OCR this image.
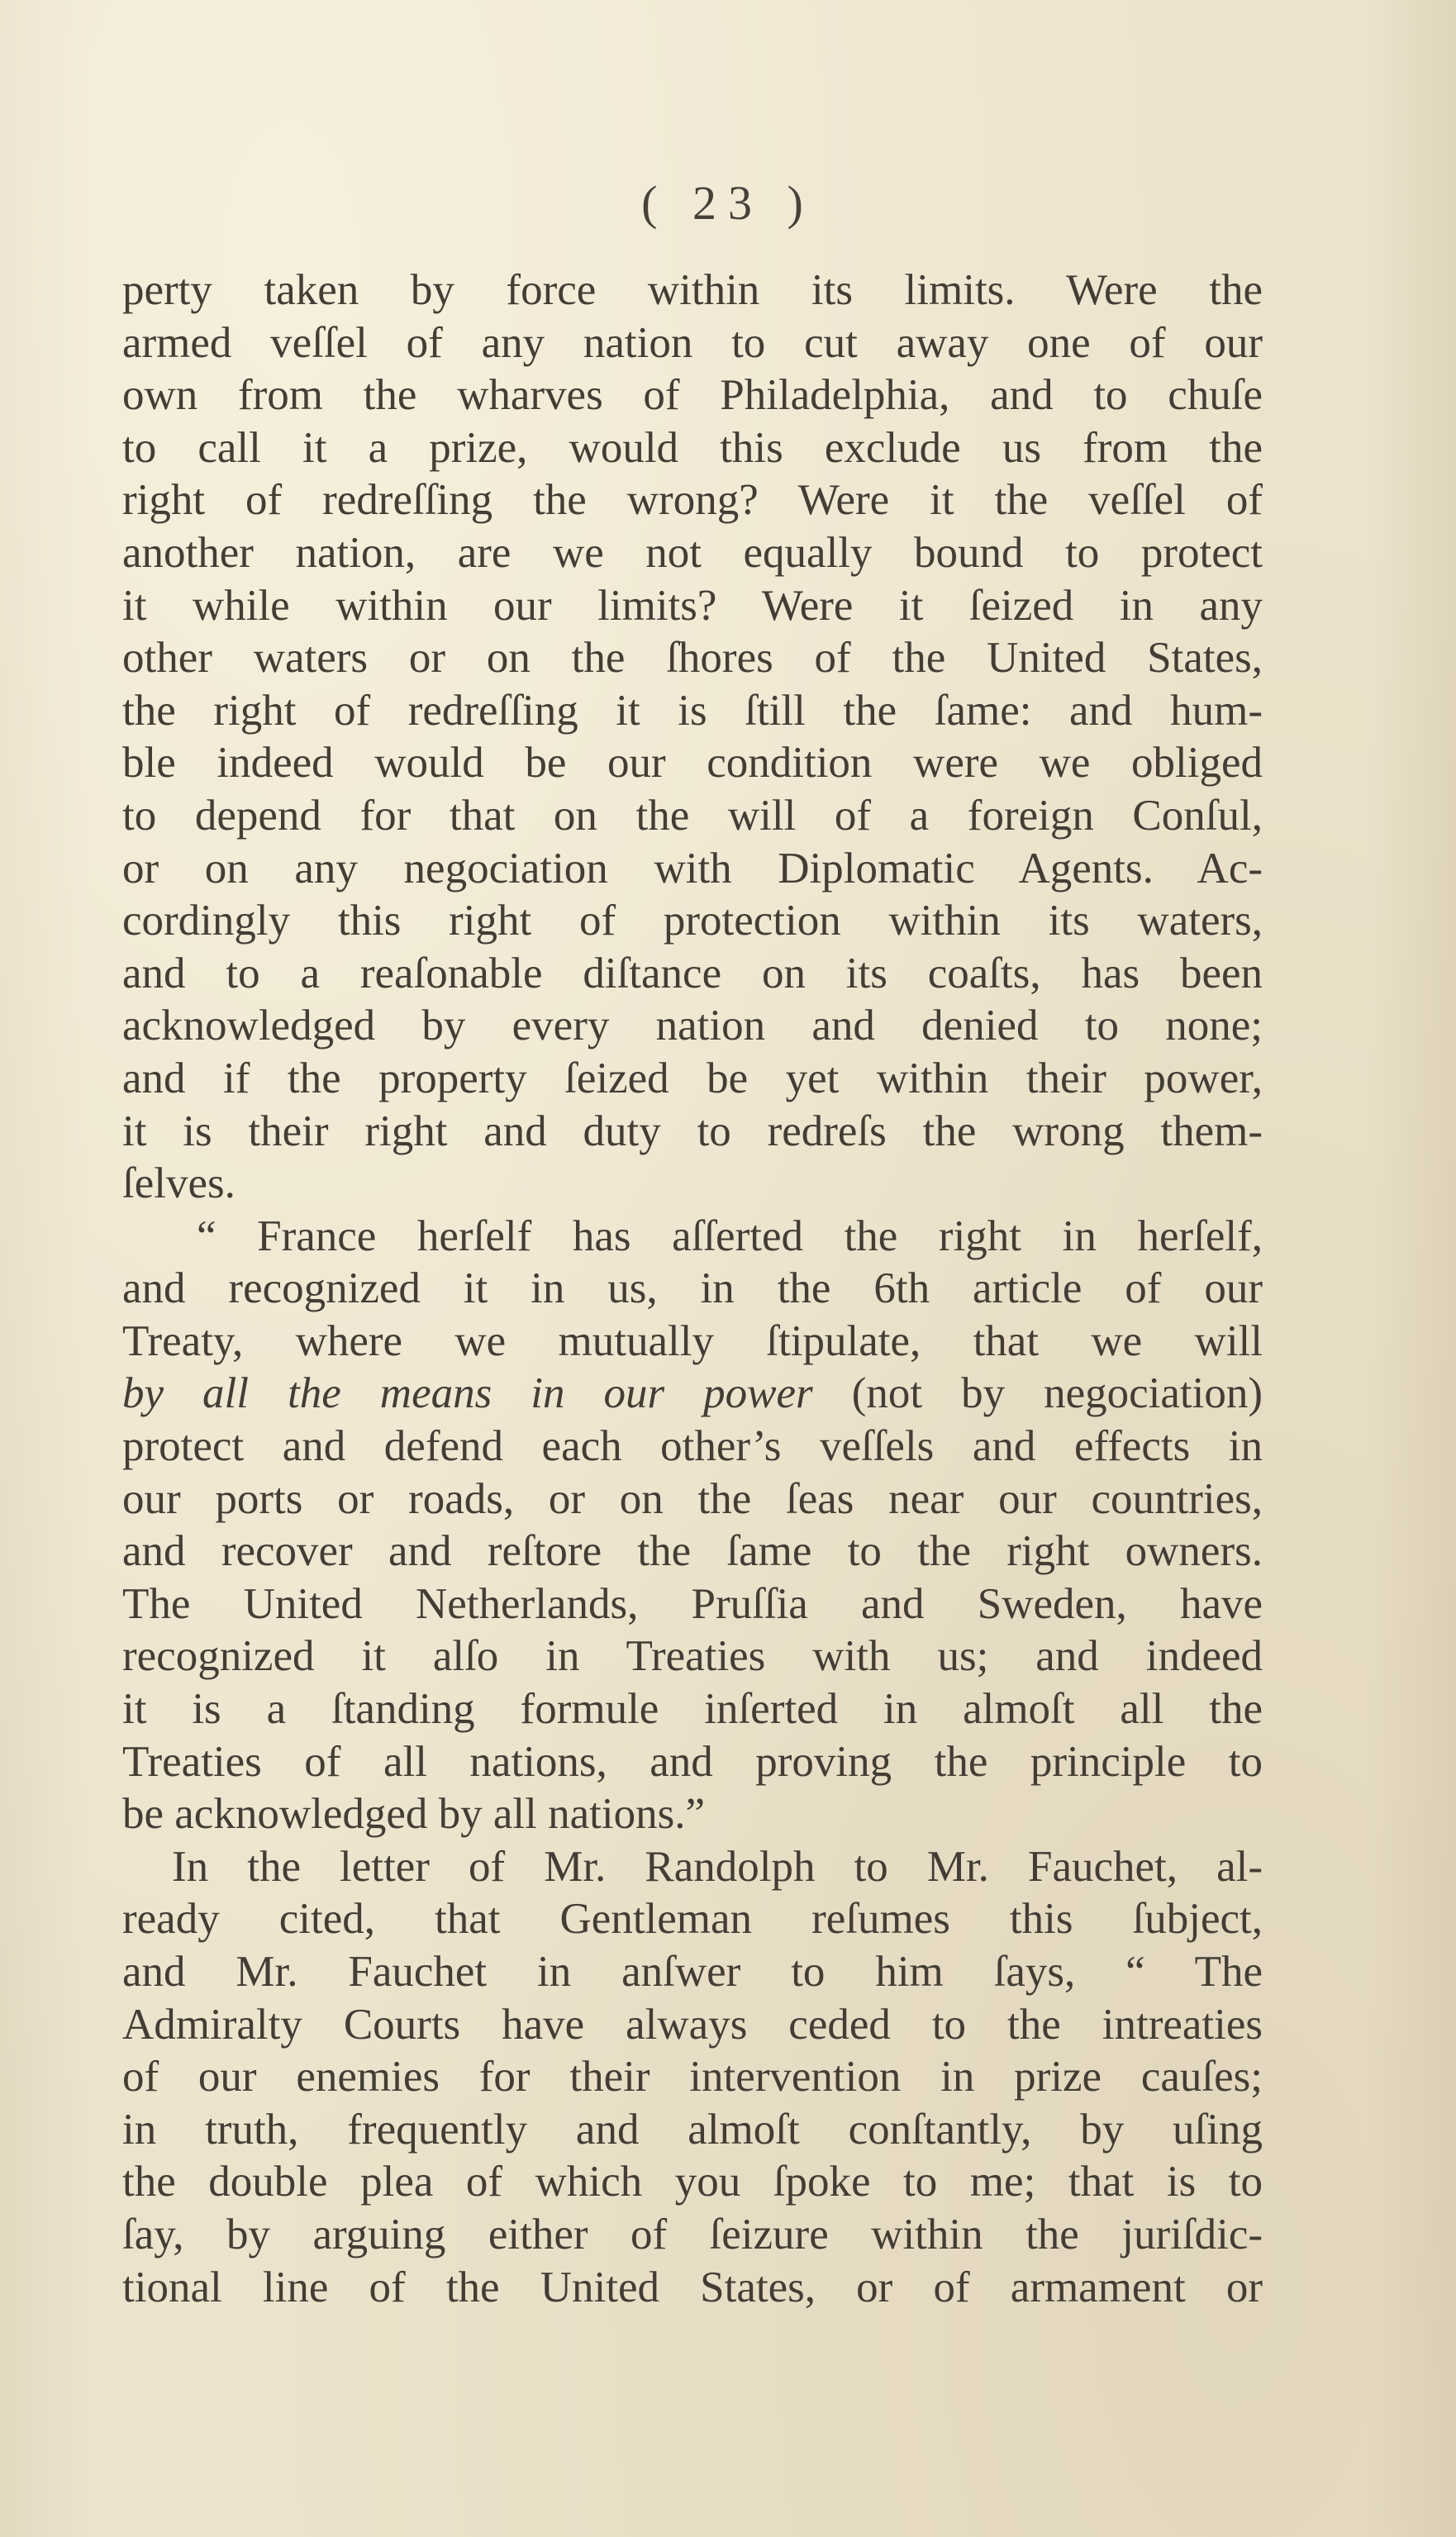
( 23 )
perty taken by force within its limits. Were the
armed veſſel of any nation to cut away one of our
own from the wharves of Philadelphia, and to chuſe
to call it a prize, would this exclude us from the
right of redreſſing the wrong? Were it the veſſel of
another nation, are we not equally bound to protect
it while within our limits? Were it ſeized in any
other waters or on the ſhores of the United States,
the right of redreſſing it is ſtill the ſame: and hum-
ble indeed would be our condition were we obliged
to depend for that on the will of a foreign Conſul,
or on any negociation with Diplomatic Agents. Ac-
cordingly this right of protection within its waters,
and to a reaſonable diſtance on its coaſts, has been
acknowledged by every nation and denied to none;
and if the property ſeized be yet within their power,
it is their right and duty to redreſs the wrong them-
ſelves.
“ France herſelf has aſſerted the right in herſelf,
and recognized it in us, in the 6th article of our
Treaty, where we mutually ſtipulate, that we will
by all the means in our power (not by negociation)
protect and defend each other’s veſſels and effects in
our ports or roads, or on the ſeas near our countries,
and recover and reſtore the ſame to the right owners.
The United Netherlands, Pruſſia and Sweden, have
recognized it alſo in Treaties with us; and indeed
it is a ſtanding formule inſerted in almoſt all the
Treaties of all nations, and proving the principle to
be acknowledged by all nations.”
In the letter of Mr. Randolph to Mr. Fauchet, al-
ready cited, that Gentleman reſumes this ſubject,
and Mr. Fauchet in anſwer to him ſays, “ The
Admiralty Courts have always ceded to the intreaties
of our enemies for their intervention in prize cauſes;
in truth, frequently and almoſt conſtantly, by uſing
the double plea of which you ſpoke to me; that is to
ſay, by arguing either of ſeizure within the juriſdic-
tional line of the United States, or of armament or
